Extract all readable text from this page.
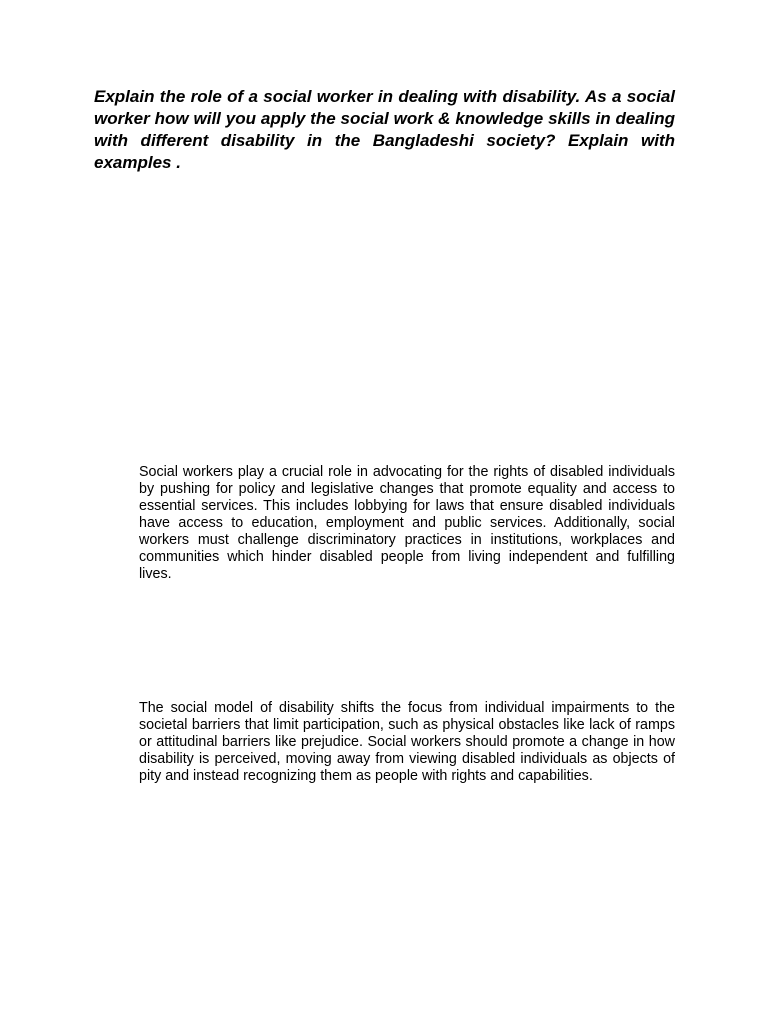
Explain the role of a social worker in dealing with disability. As a social worker how will you apply the social work & knowledge skills in dealing with different disability in the Bangladeshi society? Explain with examples .

Social workers play a crucial role in advocating for the rights of disabled individuals by pushing for policy and legislative changes that promote equality and access to essential services. This includes lobbying for laws that ensure disabled individuals have access to education, employment and public services. Additionally, social workers must challenge discriminatory practices in institutions, workplaces and communities which hinder disabled people from living independent and fulfilling lives.

The social model of disability shifts the focus from individual impairments to the societal barriers that limit participation, such as physical obstacles like lack of ramps or attitudinal barriers like prejudice. Social workers should promote a change in how disability is perceived, moving away from viewing disabled individuals as objects of pity and instead recognizing them as people with rights and capabilities.
